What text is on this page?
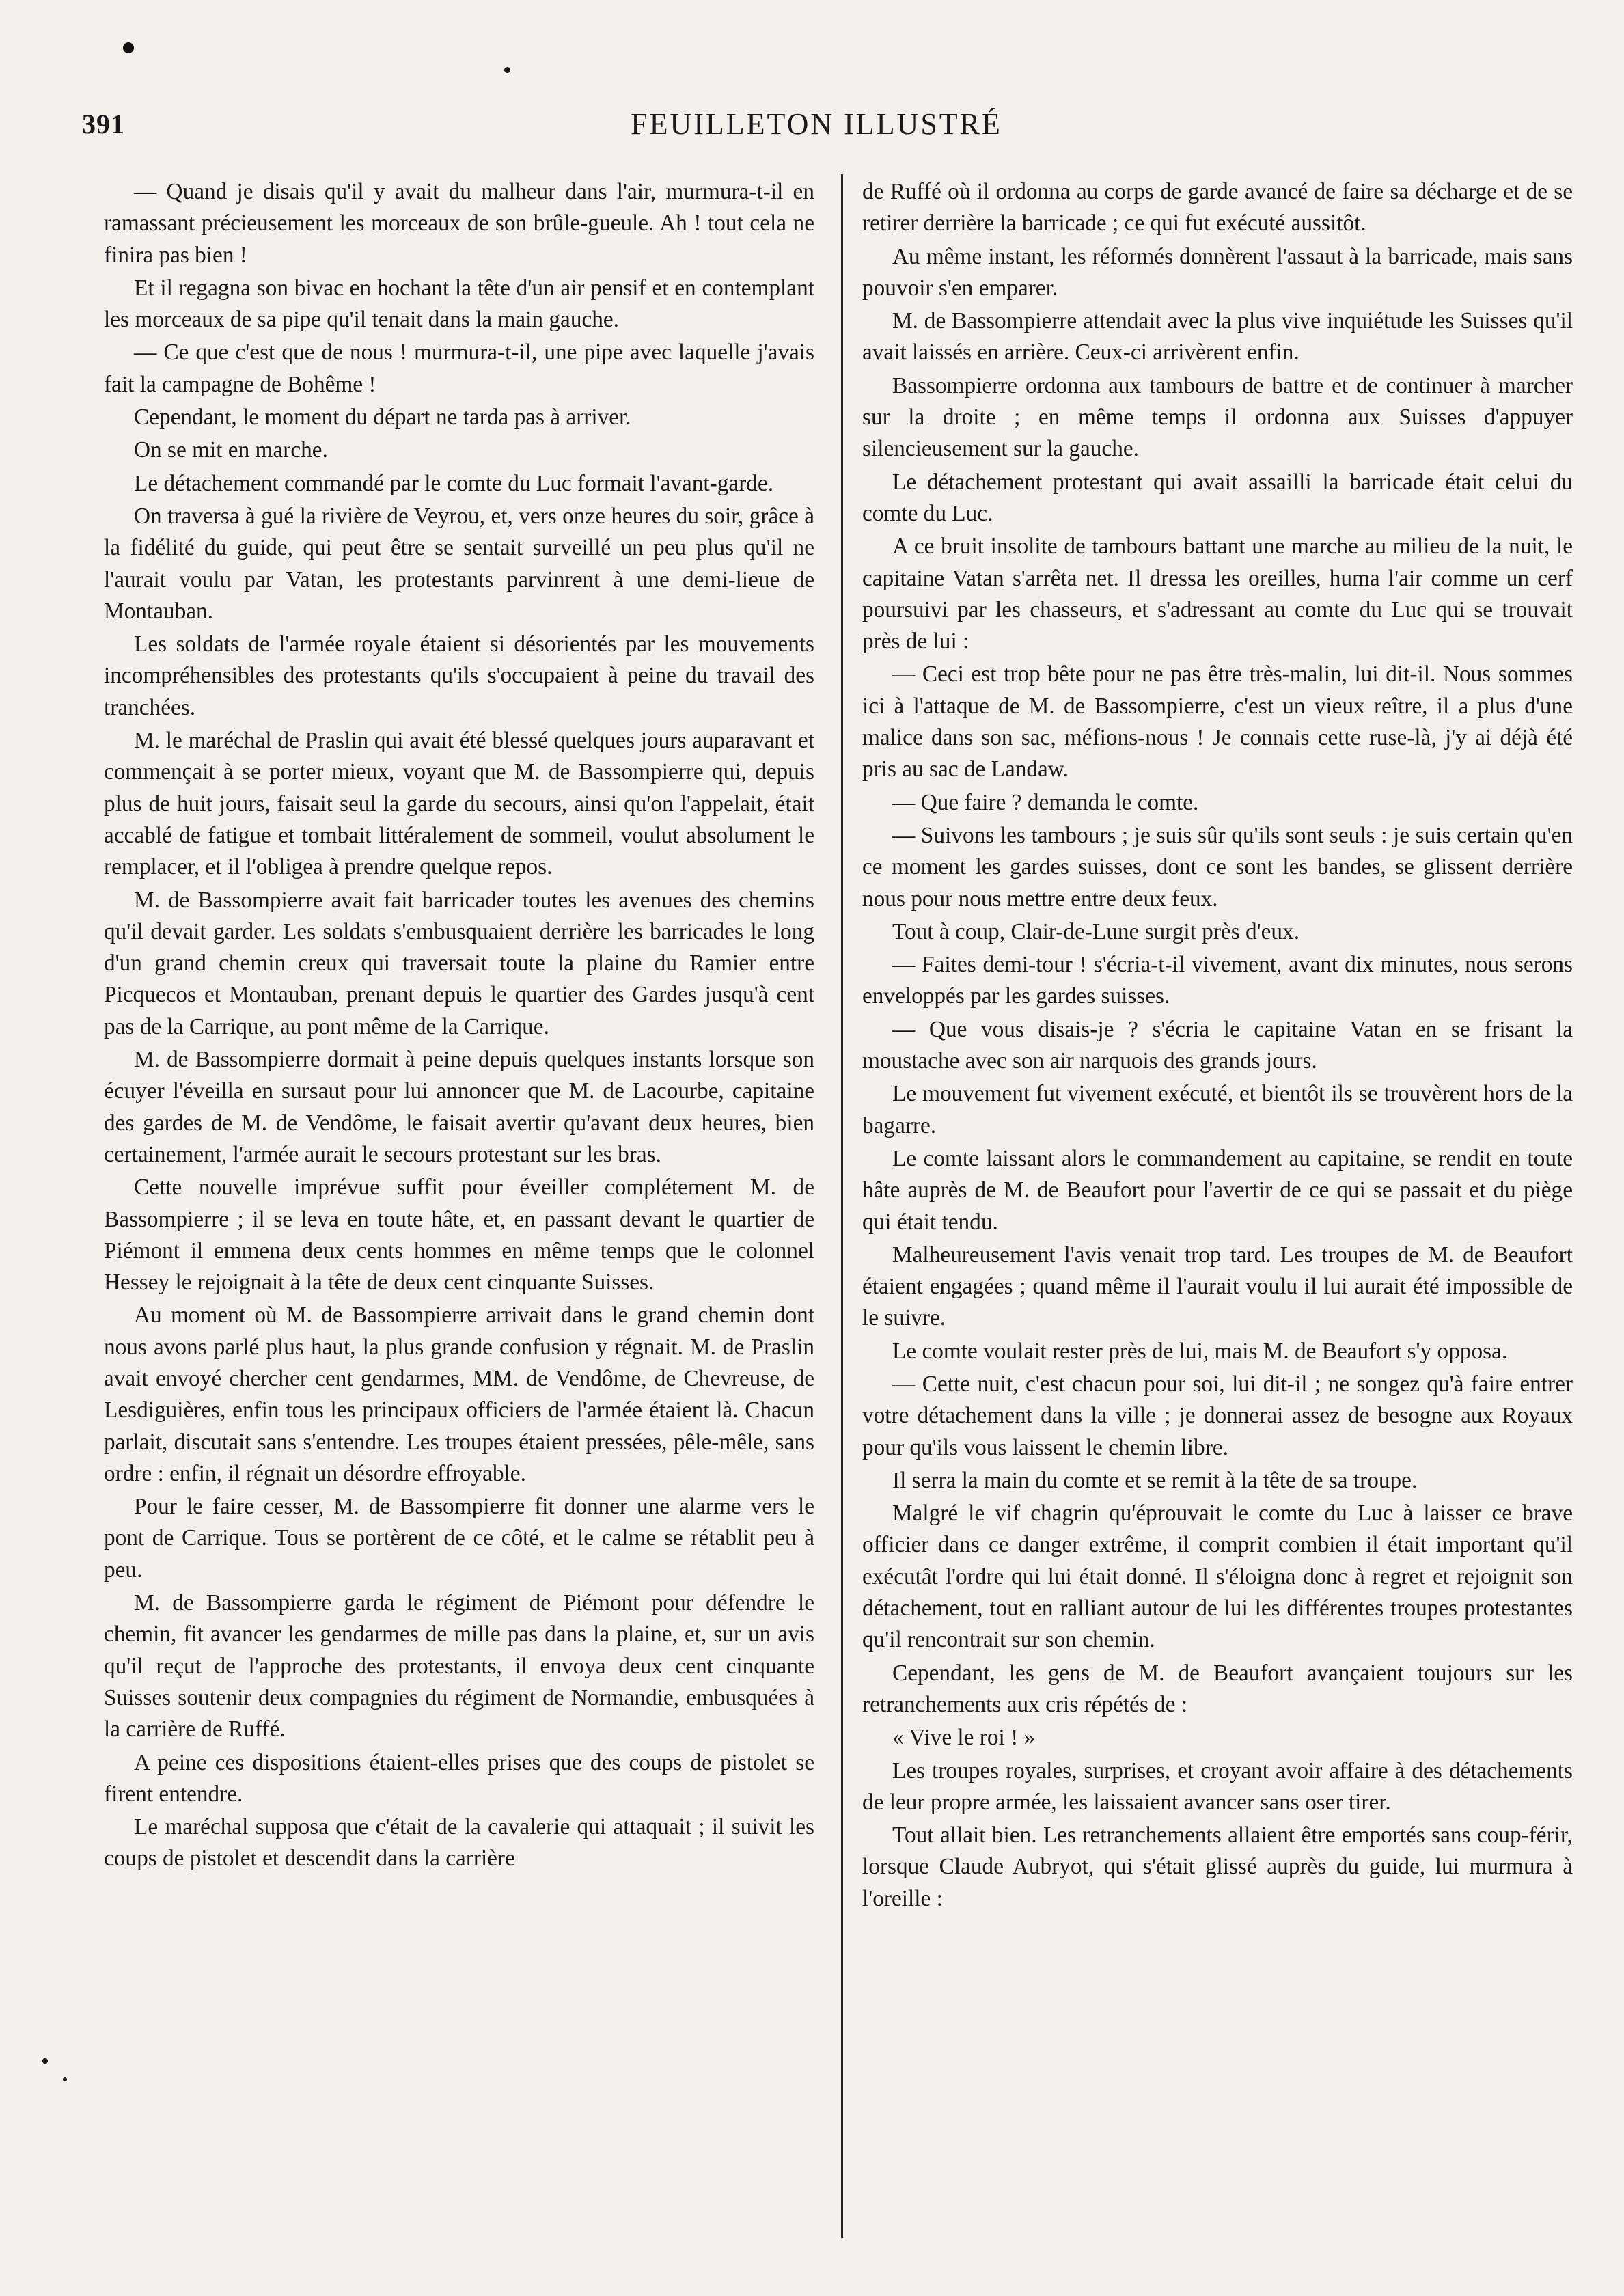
391	FEUILLETON ILLUSTRÉ

— Quand je disais qu'il y avait du malheur dans l'air, murmura-t-il en ramassant précieusement les morceaux de son brûle-gueule. Ah ! tout cela ne finira pas bien !

Et il regagna son bivac en hochant la tête d'un air pensif et en contemplant les morceaux de sa pipe qu'il tenait dans la main gauche.

— Ce que c'est que de nous ! murmura-t-il, une pipe avec laquelle j'avais fait la campagne de Bohême !

Cependant, le moment du départ ne tarda pas à arriver.

On se mit en marche.

Le détachement commandé par le comte du Luc formait l'avant-garde.

On traversa à gué la rivière de Veyrou, et, vers onze heures du soir, grâce à la fidélité du guide, qui peut être se sentait surveillé un peu plus qu'il ne l'aurait voulu par Vatan, les protestants parvinrent à une demi-lieue de Montauban.

Les soldats de l'armée royale étaient si désorientés par les mouvements incompréhensibles des protestants qu'ils s'occupaient à peine du travail des tranchées.

M. le maréchal de Praslin qui avait été blessé quelques jours auparavant et commençait à se porter mieux, voyant que M. de Bassompierre qui, depuis plus de huit jours, faisait seul la garde du secours, ainsi qu'on l'appelait, était accablé de fatigue et tombait littéralement de sommeil, voulut absolument le remplacer, et il l'obligea à prendre quelque repos.

M. de Bassompierre avait fait barricader toutes les avenues des chemins qu'il devait garder. Les soldats s'embusquaient derrière les barricades le long d'un grand chemin creux qui traversait toute la plaine du Ramier entre Picquecos et Montauban, prenant depuis le quartier des Gardes jusqu'à cent pas de la Carrique, au pont même de la Carrique.

M. de Bassompierre dormait à peine depuis quelques instants lorsque son écuyer l'éveilla en sursaut pour lui annoncer que M. de Lacourbe, capitaine des gardes de M. de Vendôme, le faisait avertir qu'avant deux heures, bien certainement, l'armée aurait le secours protestant sur les bras.

Cette nouvelle imprévue suffit pour éveiller complétement M. de Bassompierre ; il se leva en toute hâte, et, en passant devant le quartier de Piémont il emmena deux cents hommes en même temps que le colonnel Hessey le rejoignait à la tête de deux cent cinquante Suisses.

Au moment où M. de Bassompierre arrivait dans le grand chemin dont nous avons parlé plus haut, la plus grande confusion y régnait. M. de Praslin avait envoyé chercher cent gendarmes, MM. de Vendôme, de Chevreuse, de Lesdiguières, enfin tous les principaux officiers de l'armée étaient là. Chacun parlait, discutait sans s'entendre. Les troupes étaient pressées, pêle-mêle, sans ordre : enfin, il régnait un désordre effroyable.

Pour le faire cesser, M. de Bassompierre fit donner une alarme vers le pont de Carrique. Tous se portèrent de ce côté, et le calme se rétablit peu à peu.

M. de Bassompierre garda le régiment de Piémont pour défendre le chemin, fit avancer les gendarmes de mille pas dans la plaine, et, sur un avis qu'il reçut de l'approche des protestants, il envoya deux cent cinquante Suisses soutenir deux compagnies du régiment de Normandie, embusquées à la carrière de Ruffé.

A peine ces dispositions étaient-elles prises que des coups de pistolet se firent entendre.

Le maréchal supposa que c'était de la cavalerie qui attaquait ; il suivit les coups de pistolet et descendit dans la carrière

de Ruffé où il ordonna au corps de garde avancé de faire sa décharge et de se retirer derrière la barricade ; ce qui fut exécuté aussitôt.

Au même instant, les réformés donnèrent l'assaut à la barricade, mais sans pouvoir s'en emparer.

M. de Bassompierre attendait avec la plus vive inquiétude les Suisses qu'il avait laissés en arrière. Ceux-ci arrivèrent enfin.

Bassompierre ordonna aux tambours de battre et de continuer à marcher sur la droite ; en même temps il ordonna aux Suisses d'appuyer silencieusement sur la gauche.

Le détachement protestant qui avait assailli la barricade était celui du comte du Luc.

A ce bruit insolite de tambours battant une marche au milieu de la nuit, le capitaine Vatan s'arrêta net. Il dressa les oreilles, huma l'air comme un cerf poursuivi par les chasseurs, et s'adressant au comte du Luc qui se trouvait près de lui :

— Ceci est trop bête pour ne pas être très-malin, lui dit-il. Nous sommes ici à l'attaque de M. de Bassompierre, c'est un vieux reître, il a plus d'une malice dans son sac, méfions-nous ! Je connais cette ruse-là, j'y ai déjà été pris au sac de Landaw.

— Que faire ? demanda le comte.

— Suivons les tambours ; je suis sûr qu'ils sont seuls : je suis certain qu'en ce moment les gardes suisses, dont ce sont les bandes, se glissent derrière nous pour nous mettre entre deux feux.

Tout à coup, Clair-de-Lune surgit près d'eux.

— Faites demi-tour ! s'écria-t-il vivement, avant dix minutes, nous serons enveloppés par les gardes suisses.

— Que vous disais-je ? s'écria le capitaine Vatan en se frisant la moustache avec son air narquois des grands jours.

Le mouvement fut vivement exécuté, et bientôt ils se trouvèrent hors de la bagarre.

Le comte laissant alors le commandement au capitaine, se rendit en toute hâte auprès de M. de Beaufort pour l'avertir de ce qui se passait et du piège qui était tendu.

Malheureusement l'avis venait trop tard. Les troupes de M. de Beaufort étaient engagées ; quand même il l'aurait voulu il lui aurait été impossible de le suivre.

Le comte voulait rester près de lui, mais M. de Beaufort s'y opposa.

— Cette nuit, c'est chacun pour soi, lui dit-il ; ne songez qu'à faire entrer votre détachement dans la ville ; je donnerai assez de besogne aux Royaux pour qu'ils vous laissent le chemin libre.

Il serra la main du comte et se remit à la tête de sa troupe.

Malgré le vif chagrin qu'éprouvait le comte du Luc à laisser ce brave officier dans ce danger extrême, il comprit combien il était important qu'il exécutât l'ordre qui lui était donné. Il s'éloigna donc à regret et rejoignit son détachement, tout en ralliant autour de lui les différentes troupes protestantes qu'il rencontrait sur son chemin.

Cependant, les gens de M. de Beaufort avançaient toujours sur les retranchements aux cris répétés de :

« Vive le roi ! »

Les troupes royales, surprises, et croyant avoir affaire à des détachements de leur propre armée, les laissaient avancer sans oser tirer.

Tout allait bien. Les retranchements allaient être emportés sans coup-férir, lorsque Claude Aubryot, qui s'était glissé auprès du guide, lui murmura à l'oreille :
